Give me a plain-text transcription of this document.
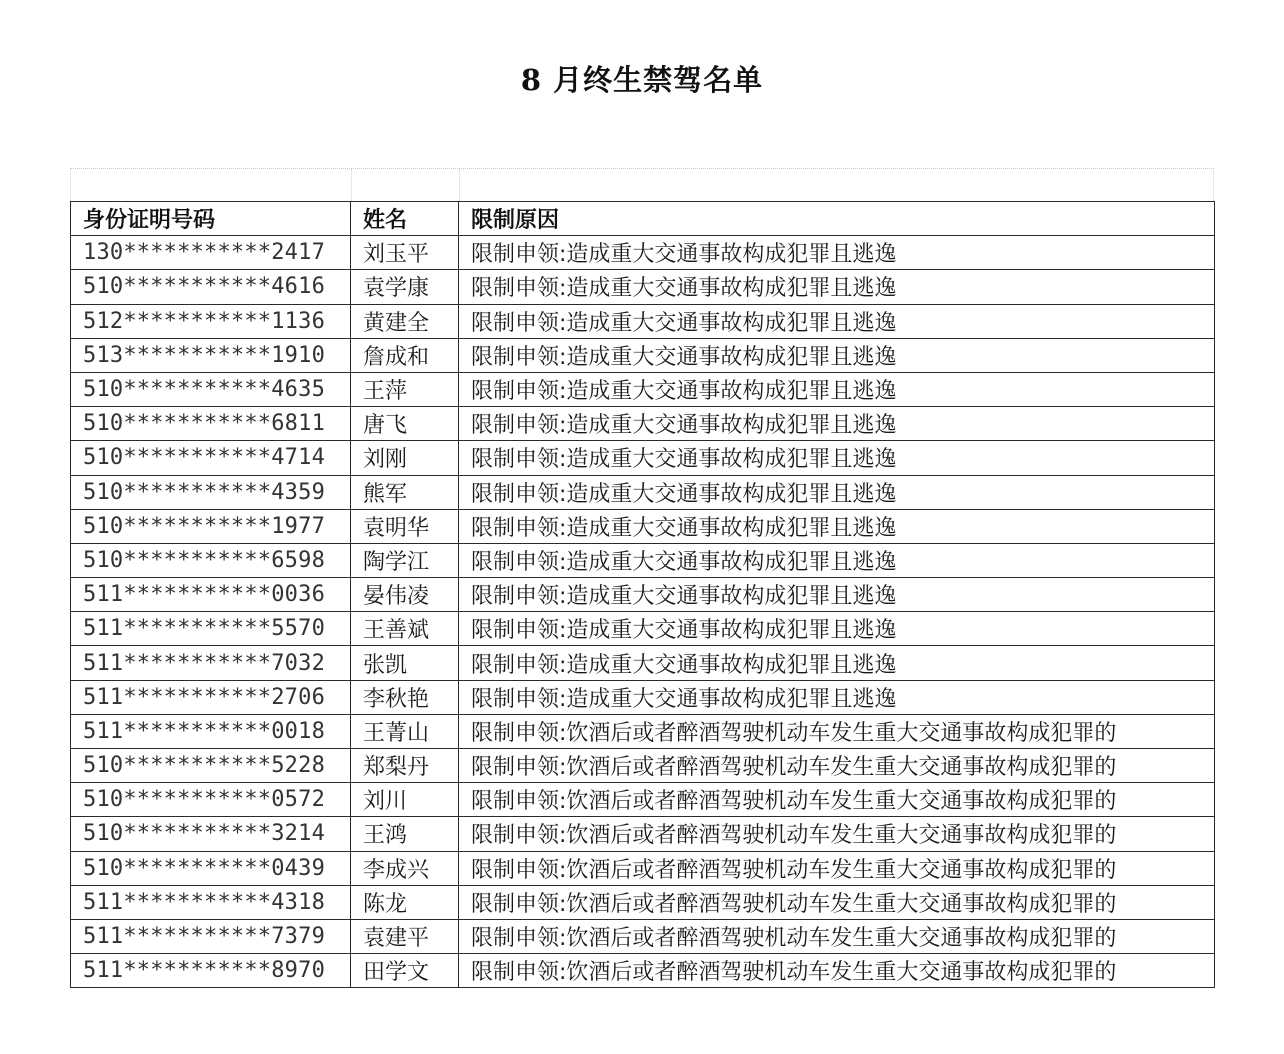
8 月终生禁驾名单
身份证明号码	姓名	限制原因
130***********2417	刘玉平	限制申领:造成重大交通事故构成犯罪且逃逸
510***********4616	袁学康	限制申领:造成重大交通事故构成犯罪且逃逸
512***********1136	黄建全	限制申领:造成重大交通事故构成犯罪且逃逸
513***********1910	詹成和	限制申领:造成重大交通事故构成犯罪且逃逸
510***********4635	王萍	限制申领:造成重大交通事故构成犯罪且逃逸
510***********6811	唐飞	限制申领:造成重大交通事故构成犯罪且逃逸
510***********4714	刘刚	限制申领:造成重大交通事故构成犯罪且逃逸
510***********4359	熊军	限制申领:造成重大交通事故构成犯罪且逃逸
510***********1977	袁明华	限制申领:造成重大交通事故构成犯罪且逃逸
510***********6598	陶学江	限制申领:造成重大交通事故构成犯罪且逃逸
511***********0036	晏伟凌	限制申领:造成重大交通事故构成犯罪且逃逸
511***********5570	王善斌	限制申领:造成重大交通事故构成犯罪且逃逸
511***********7032	张凯	限制申领:造成重大交通事故构成犯罪且逃逸
511***********2706	李秋艳	限制申领:造成重大交通事故构成犯罪且逃逸
511***********0018	王菁山	限制申领:饮酒后或者醉酒驾驶机动车发生重大交通事故构成犯罪的
510***********5228	郑梨丹	限制申领:饮酒后或者醉酒驾驶机动车发生重大交通事故构成犯罪的
510***********0572	刘川	限制申领:饮酒后或者醉酒驾驶机动车发生重大交通事故构成犯罪的
510***********3214	王鸿	限制申领:饮酒后或者醉酒驾驶机动车发生重大交通事故构成犯罪的
510***********0439	李成兴	限制申领:饮酒后或者醉酒驾驶机动车发生重大交通事故构成犯罪的
511***********4318	陈龙	限制申领:饮酒后或者醉酒驾驶机动车发生重大交通事故构成犯罪的
511***********7379	袁建平	限制申领:饮酒后或者醉酒驾驶机动车发生重大交通事故构成犯罪的
511***********8970	田学文	限制申领:饮酒后或者醉酒驾驶机动车发生重大交通事故构成犯罪的
